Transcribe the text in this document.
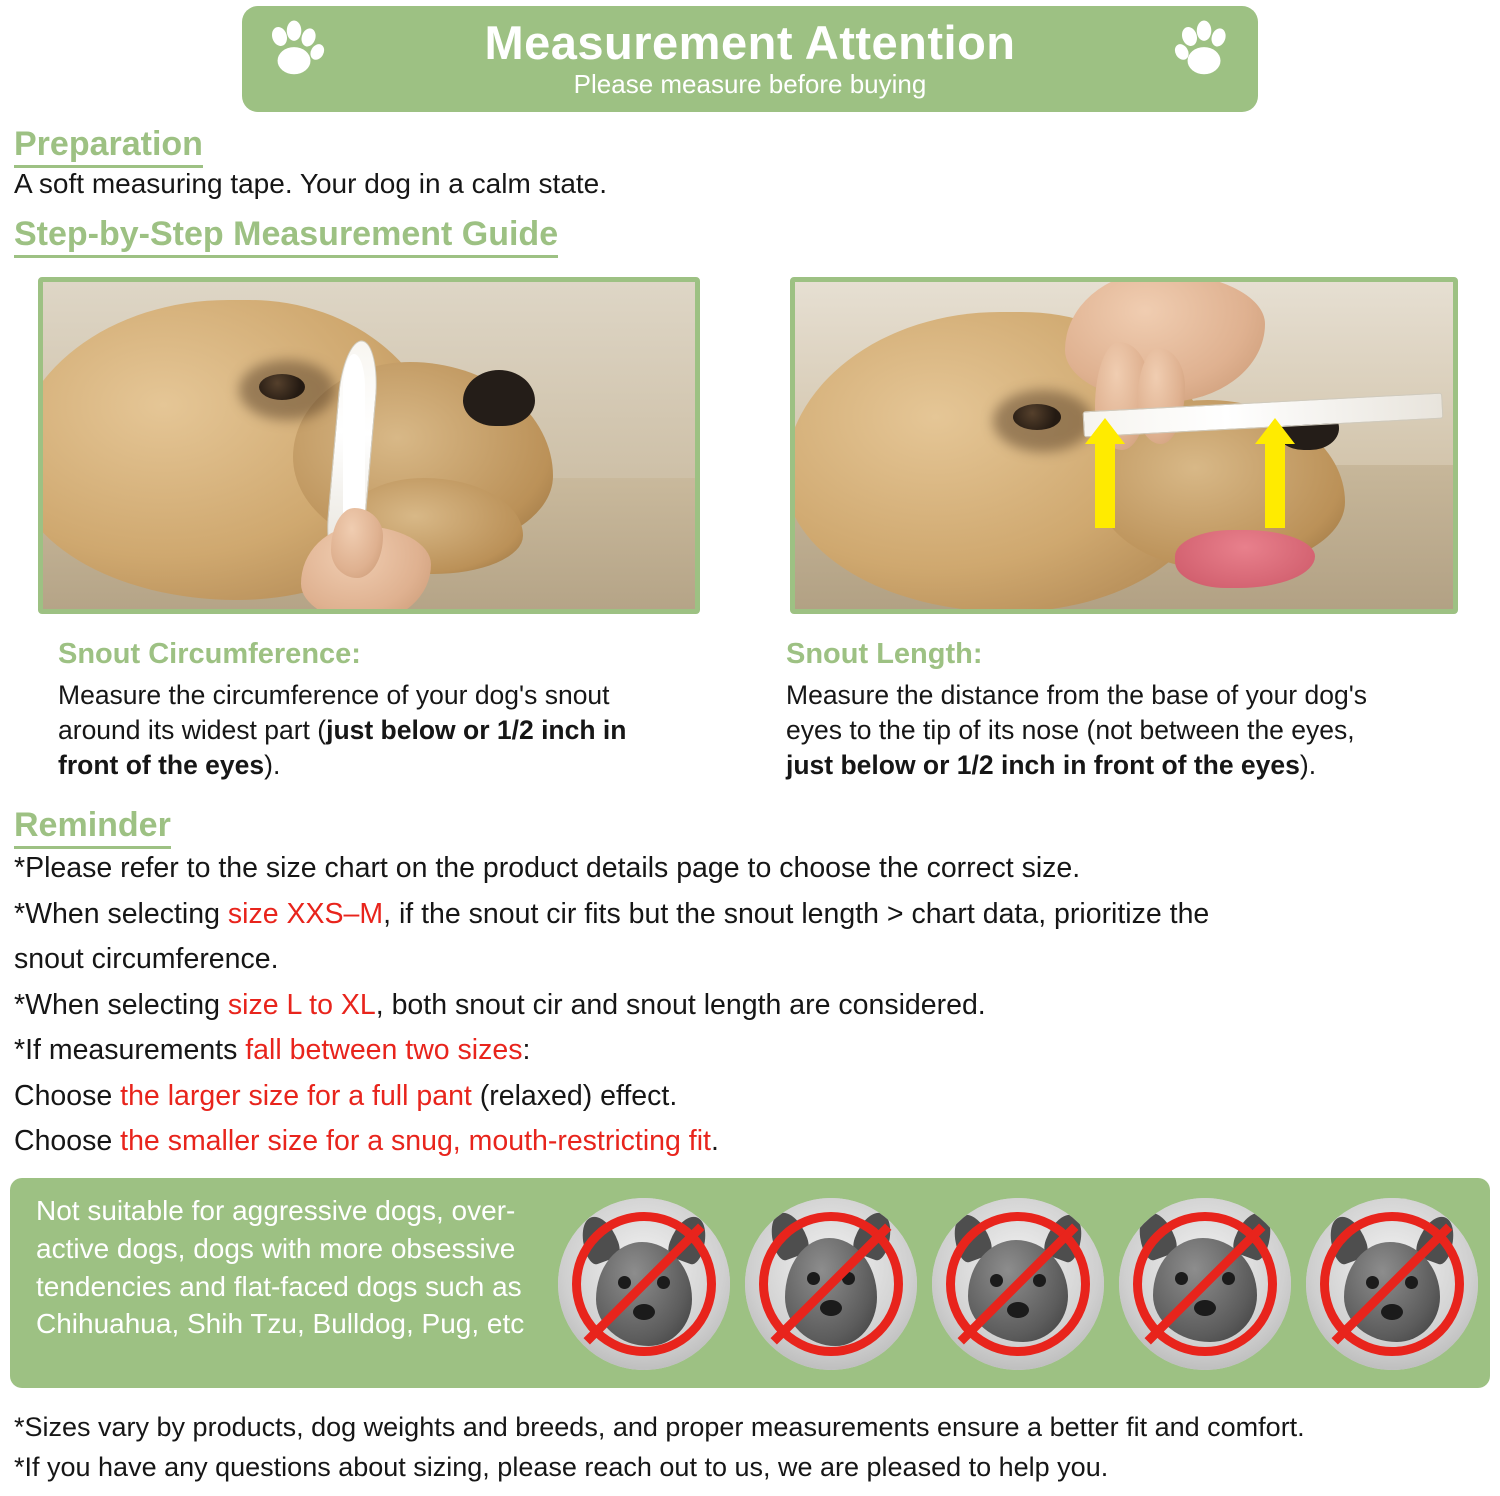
Measurement Attention
Please measure before buying
Preparation
A soft measuring tape. Your dog in a calm state.
Step-by-Step Measurement Guide
Snout Circumference:
Measure the circumference of your dog's snout
around its widest part (just below or 1/2 inch in
front of the eyes).
Snout Length:
Measure the distance from the base of your dog's
eyes to the tip of its nose (not between the eyes,
just below or 1/2 inch in front of the eyes).
Reminder
*Please refer to the size chart on the product details page to choose the correct size.
*When selecting size XXS–M, if the snout cir fits but the snout length > chart data, prioritize the
snout circumference.
*When selecting size L to XL, both snout cir and snout length are considered.
*If measurements fall between two sizes:
Choose the larger size for a full pant (relaxed) effect.
Choose the smaller size for a snug, mouth-restricting fit.
Not suitable for aggressive dogs, over-active dogs, dogs with more obsessive tendencies and flat-faced dogs such as Chihuahua, Shih Tzu, Bulldog, Pug, etc
*Sizes vary by products, dog weights and breeds, and proper measurements ensure a better fit and comfort.
*If you have any questions about sizing, please reach out to us, we are pleased to help you.
